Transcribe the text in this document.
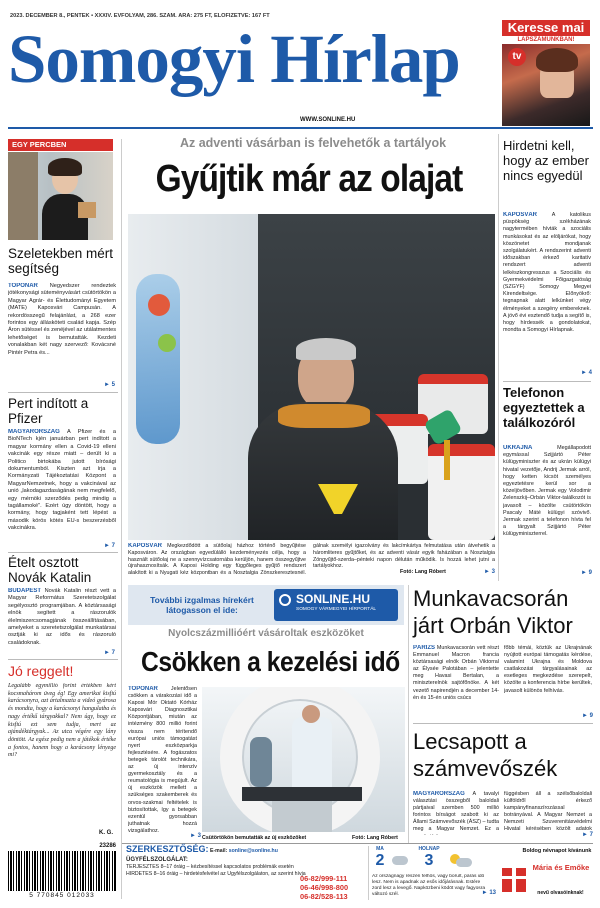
2023. DECEMBER 8., PÉNTEK • XXXIV. ÉVFOLYAM, 286. SZÁM. ÁRA: 275 FT, ELŐFIZETVE: 167 FT
Somogyi Hírlap
WWW.SONLINE.HU
Keresse mai
LAPSZÁMUNKBAN!
tv
EGY PERCBEN
Szeletekben mért segítség
TOPONÁR Negyedszer rendeztek jótékonysági süteményvásárt csütörtökön a Magyar Agrár- és Élettudományi Egyetem (MATE) Kaposvári Campusán. A rekordösszegű felajánlást, a 268 ezer forintos egy állásköteti család kapja. Szép Áron sütéssel és zenéjével az utálatmentes lehetőséget is bemutatták. Kezdeti vonalakban két nagy szervező: Kovácsné Pintér Petra és...
► 5
Pert indított a Pfizer
MAGYARORSZÁG A Pfizer és a BioNTech kjén januárban pert indított a magyar kormány ellen a Covid-19 elleni vakcinák egy része miatt – derült ki a Politico birtokába jutott bírósági dokumentumból. Kiszten azt írja a Kormányzati Tájékoztatási Központ a MagyarNemzetnek, hogy a vakcinával az unió „lakodagazdaságának nem megfelelő, egy mérnöki szerződés pedig mindig a tagállamoké". Ezért úgy döntött, hogy a kormány, hogy tagjaként tett lépést a második körös kötés EU-s beszerzésből vakcinákra.
► 7
Ételt osztott Novák Katalin
BUDAPEST Novák Katalin részt vett a Magyar Református Szeretetszolgálat segélyosztó programjában. A köztársasági elnök segített a rászorulók élelmiszercsomagjának összeállításában, amelyeket a szeretetszolgálat munkatársai osztják ki az idős és rászoruló családoknak.
► 7
Jó reggelt!
Legalább egymillió forint értékben kért kocsmahárom üveg ég! Egy amerikai kisfiú karácsonyra, azt ártalmazta a videó gyárosa és mondta, hogy a karácsonyi hangulatba és nagy értékű tárgyakkal? Nem úgy, hogy ez kisfiú ezt sem tudja, mert az ajándéktárgyak... Az utca végére egy lány döntött. Az egész pedig nem a játékok értéke a fontos, hanem hogy a karácsony lényege mi?
K. G.
23286
5 770845 012033
Az adventi vásárban is felvehetők a tartályok
Gyűjtik már az olajat
KAPOSVÁR Megkezdődött a sütőolaj házhoz történő begyűjtése Kaposváron. Az országban egyedülálló kezdeményezés célja, hogy a használt sütőolaj ne a szennyvízcsatornába kerüljön, hanem összegyűjtve újrahasznosítsák. A Kaposi Holding egy függőleges gyűjtő rendszert alakított ki a Nyugati kéz központban és a Nosztalgia Zönszkeresztesnél.
gálnak személyi igazolvány és lakcímkártya felmutatása után átvehetik a háromliteres gyűjtőket, és az adventi vásár egyik faházában a Nosztalgia Zöngyűjtő-szerda–pénteki napon délután működik. Is hozzá lehet jutni a tartályokhoz.
Fotó: Lang Róbert	► 3
Hirdetni kell, hogy az ember nincs egyedül
KAPOSVÁR	A katolikus püspökség székházának nagytermében hívták a szociális munkásokat és az elöljárókat, hogy köszönetet mondjanak szolgálatukért. A rendszerint adventi időszakban érkező karitatív rendszert adventi lelkészkongresszus a Szociális és Gyermekvédelmi Főigazgatóság (SZGYF) Somogy Megyei Kirendeltsége. Előnyökrő: tegnapnak alatt lelkünket végy élményeket a szegény embereknek. A jövő évi esztendő tudja a segítő is, hogy hírdessék a gondolatokat, mondta a Somogyi Hírlapnak.
► 4
Telefonon egyeztettek a találkozóról
UKRAJNA	Megállapodott egymással Szijjártó Péter külügyminiszter és az ukrán külügyi hivatal vezetője, Andrij Jermak arról, hogy ketten kicsöt személyes egyeztetésre kerül sor a közeljövőben. Jermak egy Volodimir Zelenszkij–Orbán Viktor-találkozót is javasolt – közölte csütörtökön Pascaly Máté külügyi szóvivő. Jermak szerint a telefonon hívta fel a tárgyalt Szijjártó Péter külügyminiszterrel.
► 9
További izgalmas hírekért látogasson el ide:
SONLINE.HU
SOMOGY VÁRMEGYEI HÍRPORTÁL
Nyolcszázmillióért vásároltak eszközöket
Csökken a kezelési idő
TOPONÁR Jelentősen csökken a várakozási idő a Kaposi Mór Oktató Kórház Kaposvári Diagnosztikai Központjában, miután az intézmény 800 millió forint vissza nem térítendő európai uniós támogatást nyert eszközparkja fejlesztésére. A fogászatos betegek tárolót technikára, az új intenzív gyermekosztály és a reumatológia is megújult. Az új eszközök mellett a szükséges szakemberek és orvos-szakmai feltételek is biztosítottak, így a betegek ezentúl gyorsabban juthatnak hozzá vizsgálathoz.
► 3 Csütörtökön bemutatták az új eszközöket	Fotó: Lang Róbert
Munkavacsorán járt Orbán Viktor
PÁRIZS Munkavacsorán vett részt Emmanuel Macron francia köztársasági elnök Orbán Viktorral az Élysée Palotában – jelentette meg Havasi Bertalan, a miniszterelnök sajtófőnöke. A két vezető napirendjén a december 14-én és 15-én uniós csúcs
főbb témái, köztük az Ukrajnának nyújtott európai támogatás kérdése, valamint Ukrajna és Moldova csatlakozási tárgyalásainak az esetleges megkezdése szerepelt, közölte a konferencia hírbe kerültek, javasolt különös felhívás.
► 9
Lecsapott a számvevőszék
MAGYARORSZÁG A tavalyi választási összegből baloldali pártjaival szemben 500 millió forintos bírságot szabott ki az Állami Számvevőszék (ÁSZ) – tudta meg a Magyar Nemzet. Ez a
függésben áll a szélsőbaloldali külföldről érkező kampányfinanszírozással botrányával. A Magyar Nemzet a Nemzeti Szuverenitásvédelmi Hivatal kérésében közölt adatok
► 7
SZERKESZTŐSÉG: E-mail: sonline@sonline.hu
ÜGYFÉLSZOLGÁLAT:
TERJESZTÉS 8–17 óráig – kézbesítéssel kapcsolatos problémák esetén
HIRDETÉS 8–16 óráig – hirdetésfelvétel az Ügyfélszolgálaton, az szerint hívja
06-82/999-111
06-46/998-800
06-82/528-113
MA
2
HOLNAP
3
Az országnagy részén felhős, vagy borult, párás idő lesz. Nem is apadnak az esős időjárásnak. Estére zord lesz a levegő. Napközbeni ködöt vagy fagyosra változó szél.	► 13
Boldog névnapot kívánunk
Mária és Emőke
nevű olvasóinknak!
